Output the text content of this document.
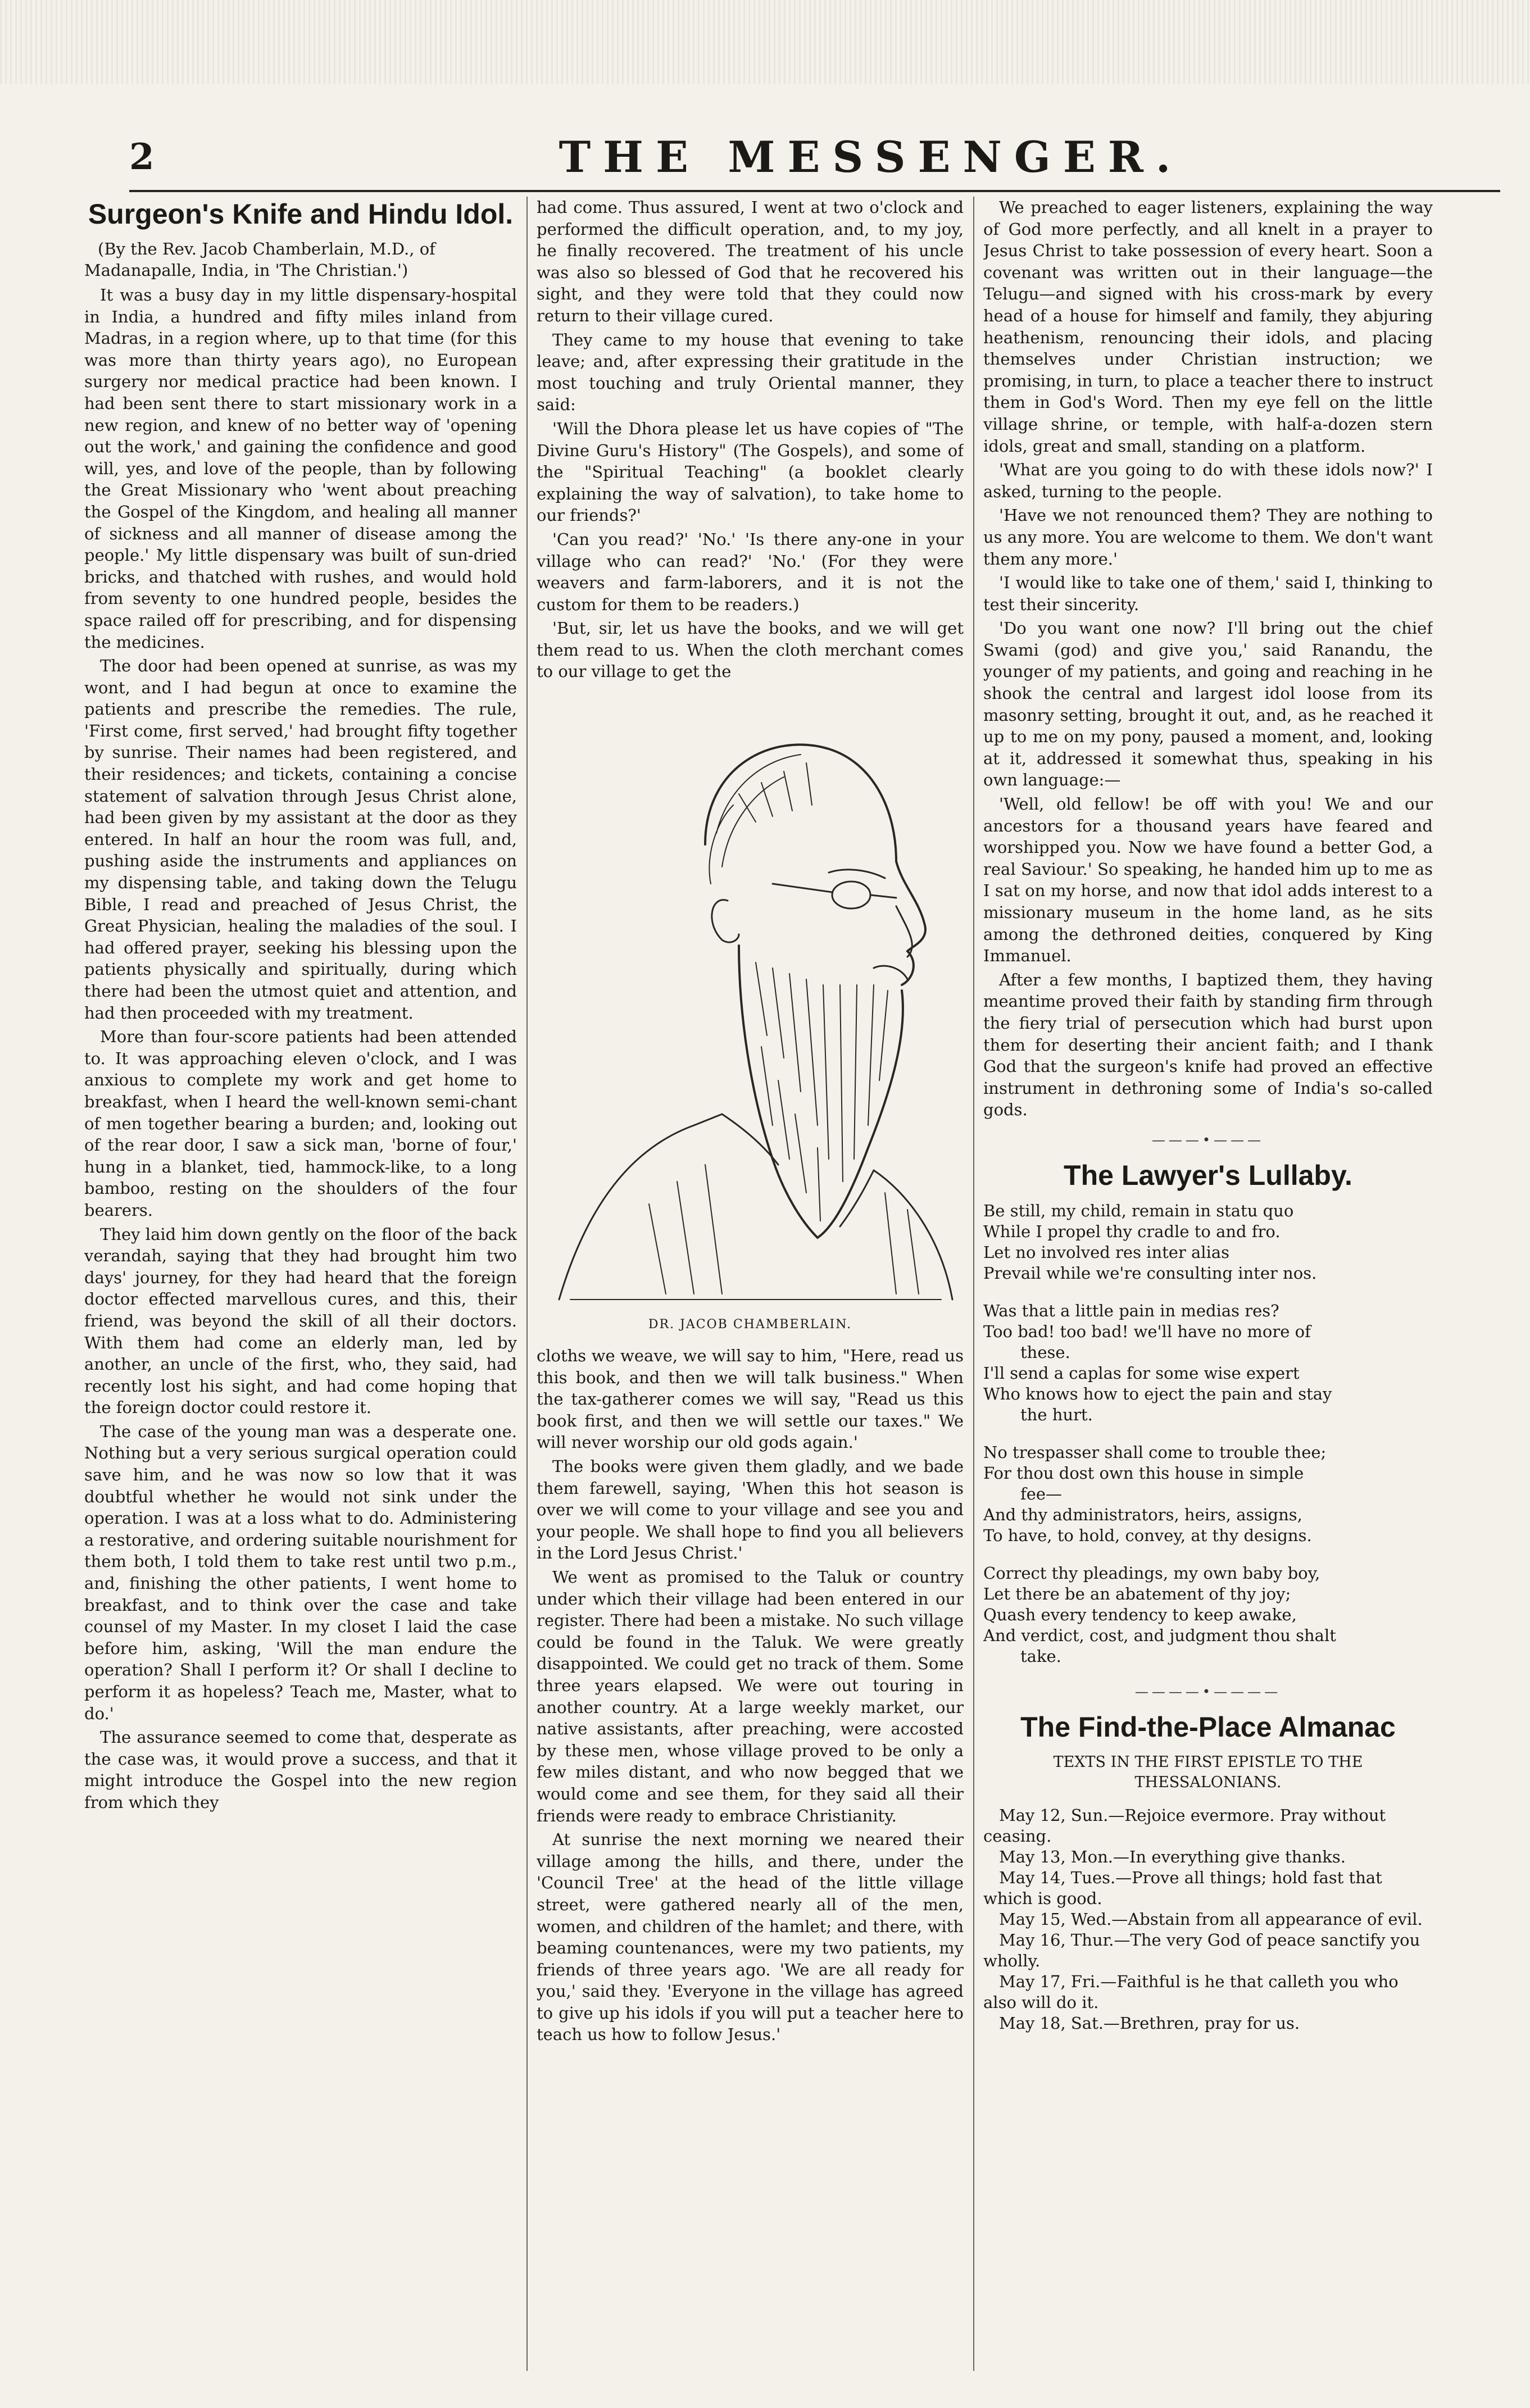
2	THE MESSENGER.
Surgeon's Knife and Hindu Idol.

(By the Rev. Jacob Chamberlain, M.D., of Madanapalle, India, in 'The Christian.')

It was a busy day in my little dispensary-hospital in India, a hundred and fifty miles inland from Madras, in a region where, up to that time (for this was more than thirty years ago), no European surgery nor medical practice had been known. I had been sent there to start missionary work in a new region, and knew of no better way of 'opening out the work,' and gaining the confidence and good will, yes, and love of the people, than by following the Great Missionary who 'went about preaching the Gospel of the Kingdom, and healing all manner of sickness and all manner of disease among the people.' My little dispensary was built of sun-dried bricks, and thatched with rushes, and would hold from seventy to one hundred people, besides the space railed off for prescribing, and for dispensing the medicines.

The door had been opened at sunrise, as was my wont, and I had begun at once to examine the patients and prescribe the remedies. The rule, 'First come, first served,' had brought fifty together by sunrise. Their names had been registered, and their residences; and tickets, containing a concise statement of salvation through Jesus Christ alone, had been given by my assistant at the door as they entered. In half an hour the room was full, and, pushing aside the instruments and appliances on my dispensing table, and taking down the Telugu Bible, I read and preached of Jesus Christ, the Great Physician, healing the maladies of the soul. I had offered prayer, seeking his blessing upon the patients physically and spiritually, during which there had been the utmost quiet and attention, and had then proceeded with my treatment.

More than four-score patients had been attended to. It was approaching eleven o'clock, and I was anxious to complete my work and get home to breakfast, when I heard the well-known semi-chant of men together bearing a burden; and, looking out of the rear door, I saw a sick man, 'borne of four,' hung in a blanket, tied, hammock-like, to a long bamboo, resting on the shoulders of the four bearers.

They laid him down gently on the floor of the back verandah, saying that they had brought him two days' journey, for they had heard that the foreign doctor effected marvellous cures, and this, their friend, was beyond the skill of all their doctors. With them had come an elderly man, led by another, an uncle of the first, who, they said, had recently lost his sight, and had come hoping that the foreign doctor could restore it.

The case of the young man was a desperate one. Nothing but a very serious surgical operation could save him, and he was now so low that it was doubtful whether he would not sink under the operation. I was at a loss what to do. Administering a restorative, and ordering suitable nourishment for them both, I told them to take rest until two p.m., and, finishing the other patients, I went home to breakfast, and to think over the case and take counsel of my Master. In my closet I laid the case before him, asking, 'Will the man endure the operation? Shall I perform it? Or shall I decline to perform it as hopeless? Teach me, Master, what to do.'

The assurance seemed to come that, desperate as the case was, it would prove a success, and that it might introduce the Gospel into the new region from which they

had come. Thus assured, I went at two o'clock and performed the difficult operation, and, to my joy, he finally recovered. The treatment of his uncle was also so blessed of God that he recovered his sight, and they were told that they could now return to their village cured.

They came to my house that evening to take leave; and, after expressing their gratitude in the most touching and truly Oriental manner, they said:

'Will the Dhora please let us have copies of "The Divine Guru's History" (The Gospels), and some of the "Spiritual Teaching" (a booklet clearly explaining the way of salvation), to take home to our friends?'

'Can you read?' 'No.' 'Is there any-one in your village who can read?' 'No.' (For they were weavers and farm-laborers, and it is not the custom for them to be readers.)

'But, sir, let us have the books, and we will get them read to us. When the cloth merchant comes to our village to get the

DR. JACOB CHAMBERLAIN.

cloths we weave, we will say to him, "Here, read us this book, and then we will talk business." When the tax-gatherer comes we will say, "Read us this book first, and then we will settle our taxes." We will never worship our old gods again.'

The books were given them gladly, and we bade them farewell, saying, 'When this hot season is over we will come to your village and see you and your people. We shall hope to find you all believers in the Lord Jesus Christ.'

We went as promised to the Taluk or country under which their village had been entered in our register. There had been a mistake. No such village could be found in the Taluk. We were greatly disappointed. We could get no track of them. Some three years elapsed. We were out touring in another country. At a large weekly market, our native assistants, after preaching, were accosted by these men, whose village proved to be only a few miles distant, and who now begged that we would come and see them, for they said all their friends were ready to embrace Christianity.

At sunrise the next morning we neared their village among the hills, and there, under the 'Council Tree' at the head of the little village street, were gathered nearly all of the men, women, and children of the hamlet; and there, with beaming countenances, were my two patients, my friends of three years ago. 'We are all ready for you,' said they. 'Everyone in the village has agreed to give up his idols if you will put a teacher here to teach us how to follow Jesus.'

We preached to eager listeners, explaining the way of God more perfectly, and all knelt in a prayer to Jesus Christ to take possession of every heart. Soon a covenant was written out in their language—the Telugu—and signed with his cross-mark by every head of a house for himself and family, they abjuring heathenism, renouncing their idols, and placing themselves under Christian instruction; we promising, in turn, to place a teacher there to instruct them in God's Word. Then my eye fell on the little village shrine, or temple, with half-a-dozen stern idols, great and small, standing on a platform.

'What are you going to do with these idols now?' I asked, turning to the people.

'Have we not renounced them? They are nothing to us any more. You are welcome to them. We don't want them any more.'

'I would like to take one of them,' said I, thinking to test their sincerity.

'Do you want one now? I'll bring out the chief Swami (god) and give you,' said Ranandu, the younger of my patients, and going and reaching in he shook the central and largest idol loose from its masonry setting, brought it out, and, as he reached it up to me on my pony, paused a moment, and, looking at it, addressed it somewhat thus, speaking in his own language:—

'Well, old fellow! be off with you! We and our ancestors for a thousand years have feared and worshipped you. Now we have found a better God, a real Saviour.' So speaking, he handed him up to me as I sat on my horse, and now that idol adds interest to a missionary museum in the home land, as he sits among the dethroned deities, conquered by King Immanuel.

After a few months, I baptized them, they having meantime proved their faith by standing firm through the fiery trial of persecution which had burst upon them for deserting their ancient faith; and I thank God that the surgeon's knife had proved an effective instrument in dethroning some of India's so-called gods.

———•———
The Lawyer's Lullaby.
Be still, my child, remain in statu quo
While I propel thy cradle to and fro.
Let no involved res inter alias
Prevail while we're consulting inter nos.
Was that a little pain in medias res?
Too bad! too bad! we'll have no more of
these.
I'll send a caplas for some wise expert
Who knows how to eject the pain and stay
the hurt.
No trespasser shall come to trouble thee;
For thou dost own this house in simple
fee—
And thy administrators, heirs, assigns,
To have, to hold, convey, at thy designs.
Correct thy pleadings, my own baby boy,
Let there be an abatement of thy joy;
Quash every tendency to keep awake,
And verdict, cost, and judgment thou shalt
take.
————•————
The Find-the-Place Almanac
TEXTS IN THE FIRST EPISTLE TO THE THESSALONIANS.

May 12, Sun.—Rejoice evermore. Pray without ceasing.

May 13, Mon.—In everything give thanks.

May 14, Tues.—Prove all things; hold fast that which is good.

May 15, Wed.—Abstain from all appearance of evil.

May 16, Thur.—The very God of peace sanctify you wholly.

May 17, Fri.—Faithful is he that calleth you who also will do it.

May 18, Sat.—Brethren, pray for us.
